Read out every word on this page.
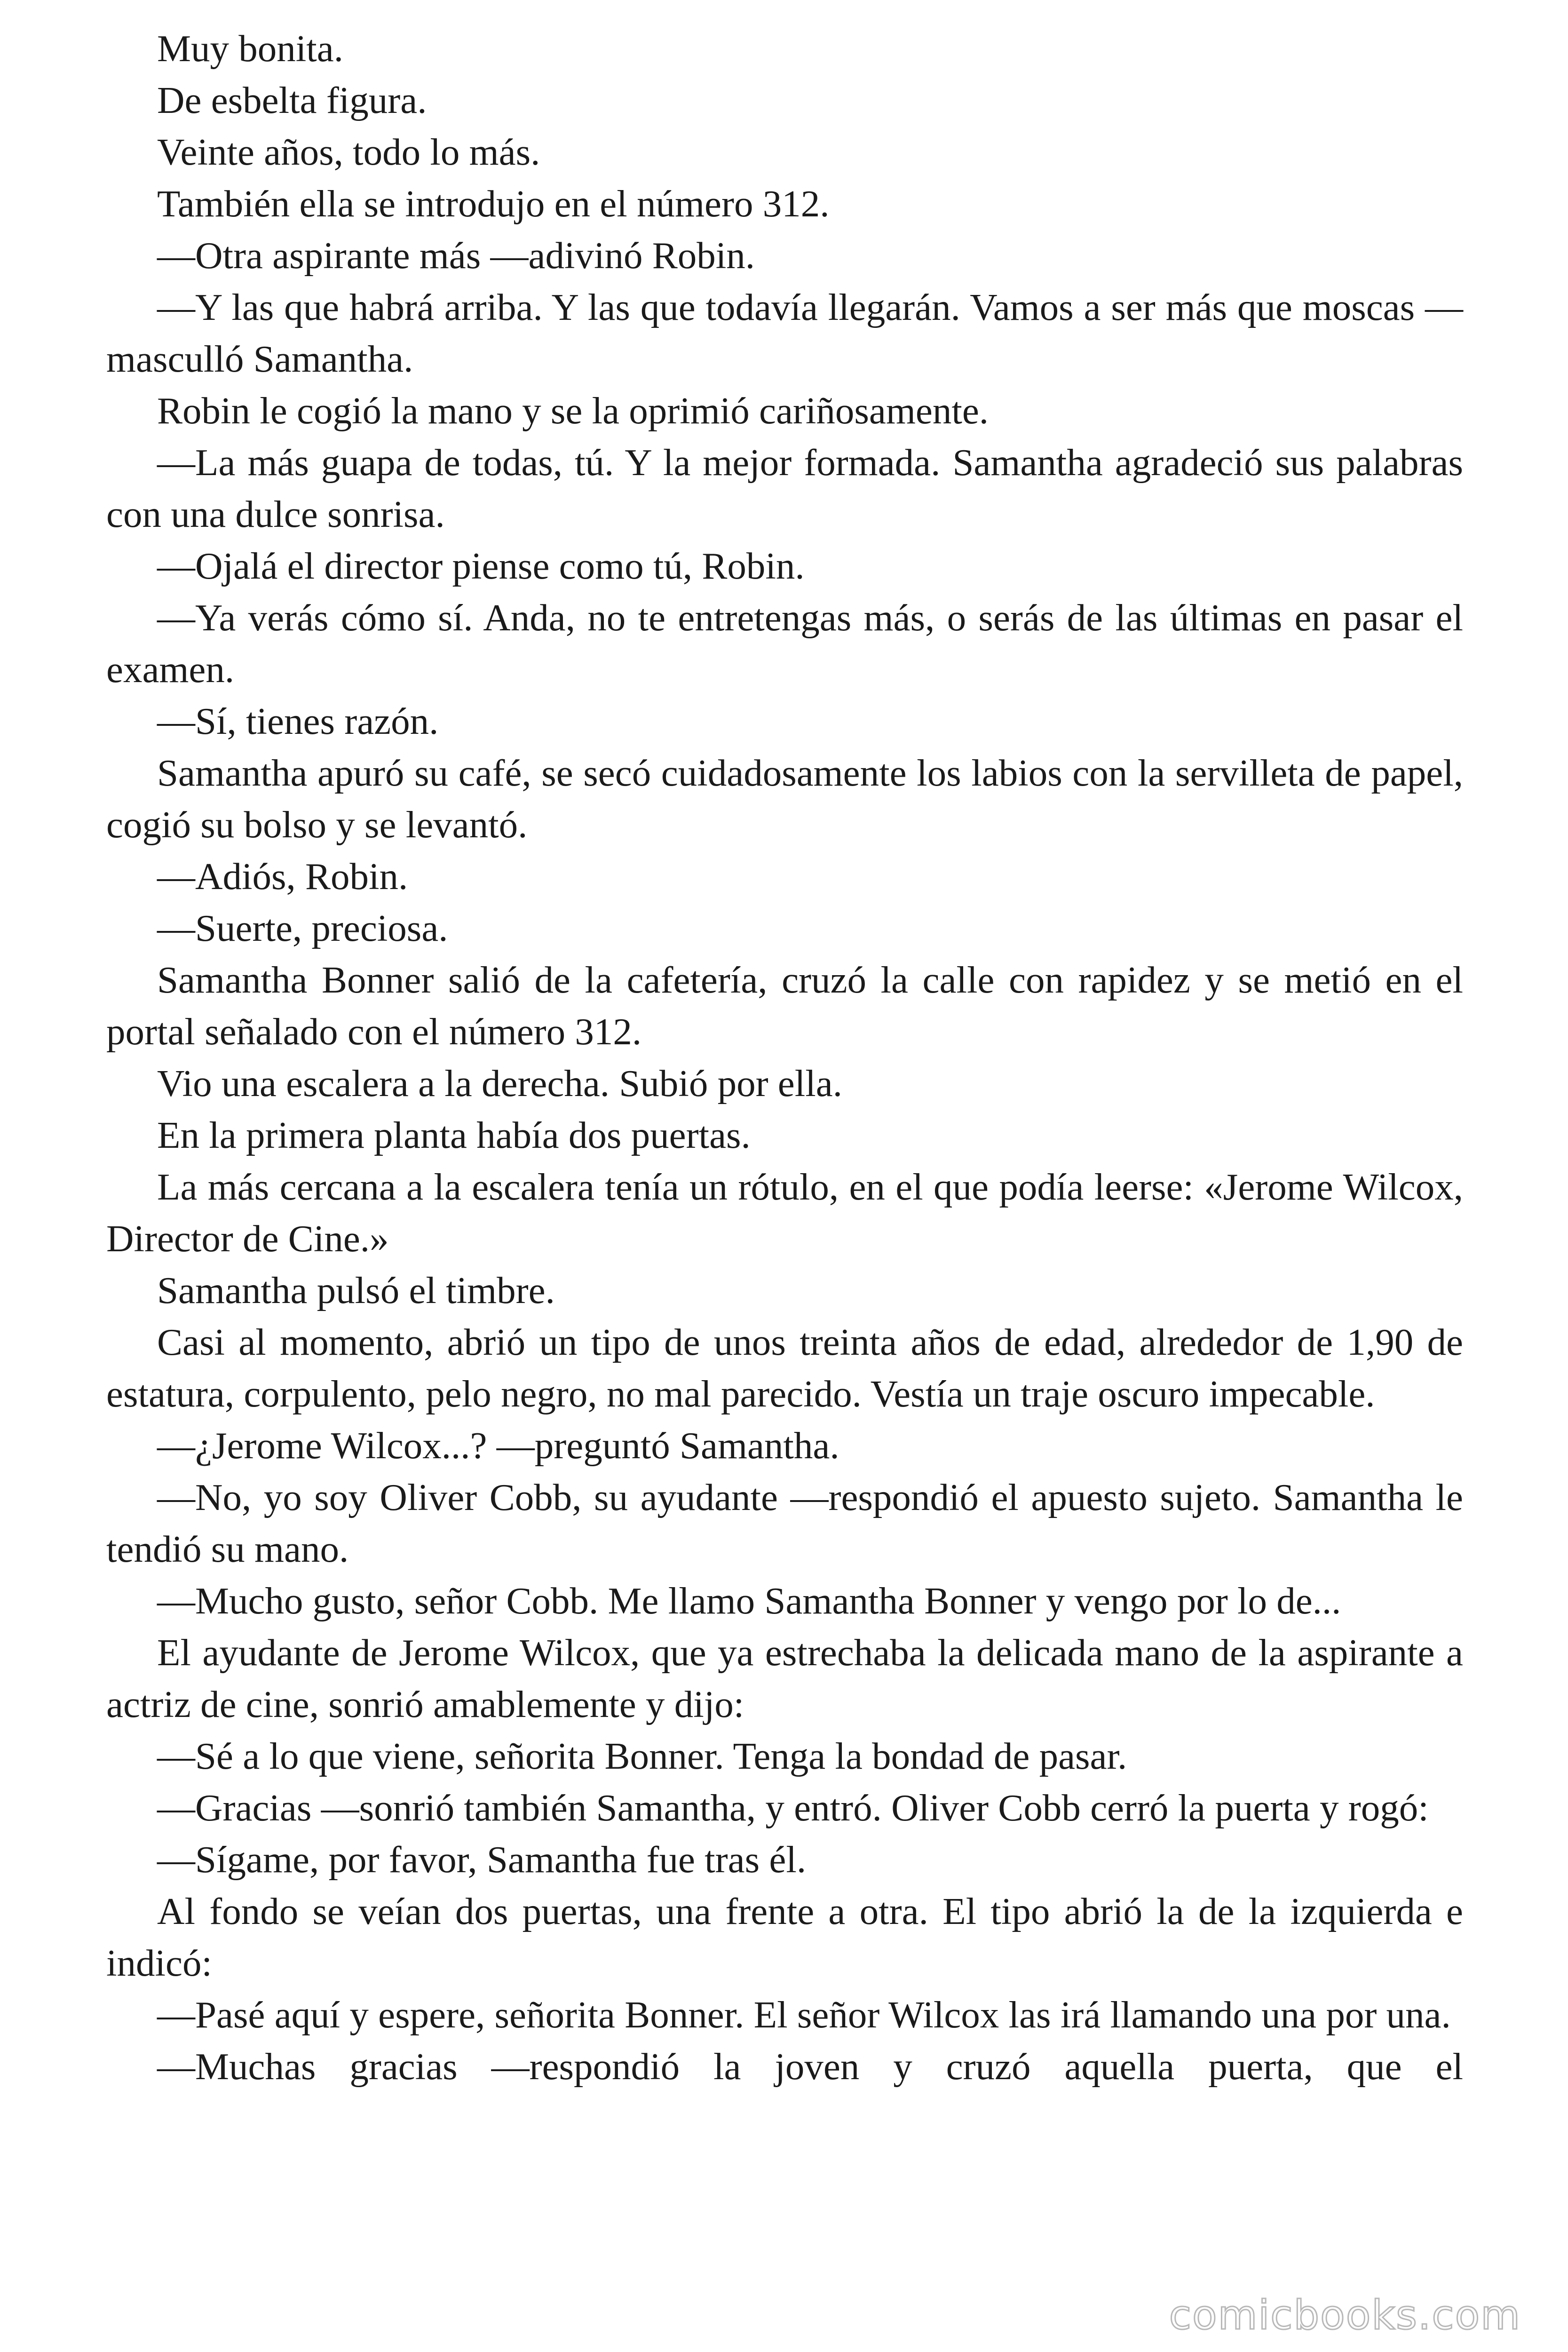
Muy bonita.

De esbelta figura.

Veinte años, todo lo más.

También ella se introdujo en el número 312.

—Otra aspirante más —adivinó Robin.

—Y las que habrá arriba. Y las que todavía llegarán. Vamos a ser más que moscas — masculló Samantha.

Robin le cogió la mano y se la oprimió cariñosamente.

—La más guapa de todas, tú. Y la mejor formada. Samantha agradeció sus palabras con una dulce sonrisa.

—Ojalá el director piense como tú, Robin.

—Ya verás cómo sí. Anda, no te entretengas más, o serás de las últimas en pasar el examen.

—Sí, tienes razón.

Samantha apuró su café, se secó cuidadosamente los labios con la servilleta de papel, cogió su bolso y se levantó.

—Adiós, Robin.

—Suerte, preciosa.

Samantha Bonner salió de la cafetería, cruzó la calle con rapidez y se metió en el portal señalado con el número 312.

Vio una escalera a la derecha. Subió por ella.

En la primera planta había dos puertas.

La más cercana a la escalera tenía un rótulo, en el que podía leerse: «Jerome Wilcox, Director de Cine.»

Samantha pulsó el timbre.

Casi al momento, abrió un tipo de unos treinta años de edad, alrededor de 1,90 de estatura, corpulento, pelo negro, no mal parecido. Vestía un traje oscuro impecable.

—¿Jerome Wilcox...? —preguntó Samantha.

—No, yo soy Oliver Cobb, su ayudante —respondió el apuesto sujeto. Samantha le tendió su mano.

—Mucho gusto, señor Cobb. Me llamo Samantha Bonner y vengo por lo de...

El ayudante de Jerome Wilcox, que ya estrechaba la delicada mano de la aspirante a actriz de cine, sonrió amablemente y dijo:

—Sé a lo que viene, señorita Bonner. Tenga la bondad de pasar.

—Gracias —sonrió también Samantha, y entró. Oliver Cobb cerró la puerta y rogó:

—Sígame, por favor, Samantha fue tras él.

Al fondo se veían dos puertas, una frente a otra. El tipo abrió la de la izquierda e indicó:

—Pasé aquí y espere, señorita Bonner. El señor Wilcox las irá llamando una por una.

—Muchas gracias —respondió la joven y cruzó aquella puerta, que el

comicbooks.com
